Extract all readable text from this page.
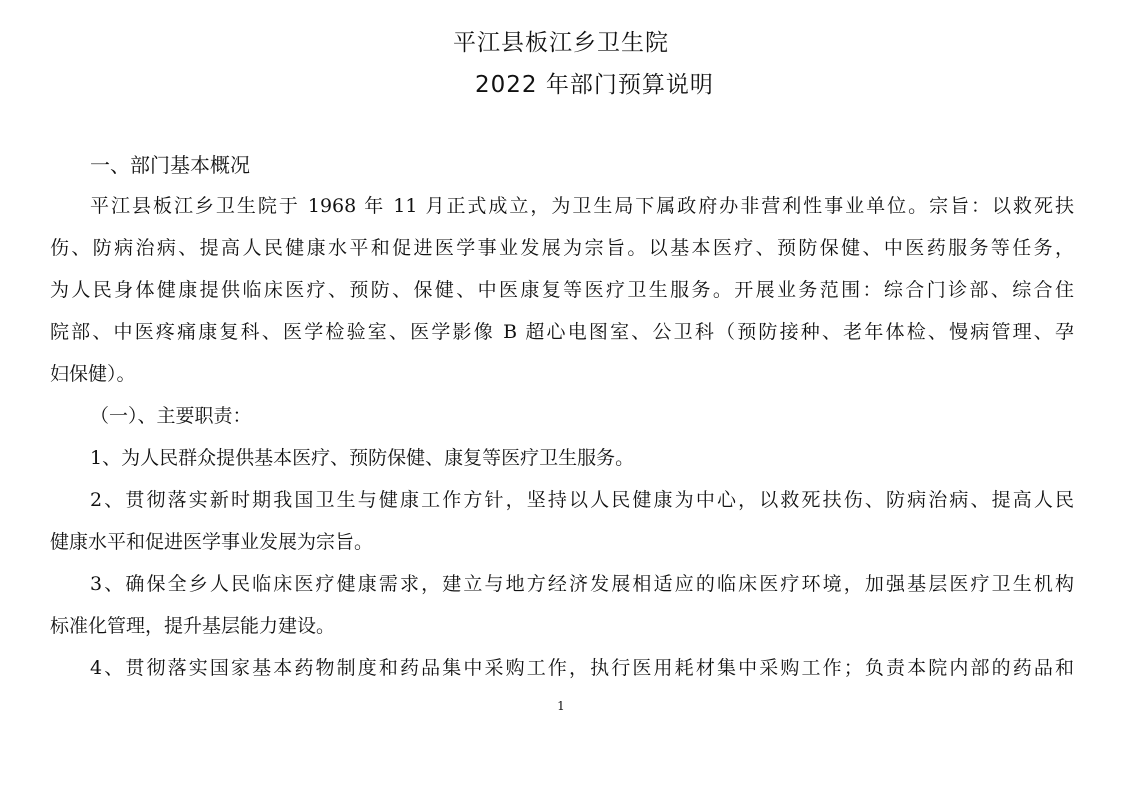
平江县板江乡卫生院
2022 年部门预算说明
一、部门基本概况
平江县板江乡卫生院于 1968 年 11 月正式成立，为卫生局下属政府办非营利性事业单位。宗旨：以救死扶
伤、防病治病、提高人民健康水平和促进医学事业发展为宗旨。以基本医疗、预防保健、中医药服务等任务，
为人民身体健康提供临床医疗、预防、保健、中医康复等医疗卫生服务。开展业务范围：综合门诊部、综合住
院部、中医疼痛康复科、医学检验室、医学影像 B 超心电图室、公卫科（预防接种、老年体检、慢病管理、孕
妇保健）。
（一）、主要职责：
1、为人民群众提供基本医疗、预防保健、康复等医疗卫生服务。
2、贯彻落实新时期我国卫生与健康工作方针，坚持以人民健康为中心，以救死扶伤、防病治病、提高人民
健康水平和促进医学事业发展为宗旨。
3、确保全乡人民临床医疗健康需求，建立与地方经济发展相适应的临床医疗环境，加强基层医疗卫生机构
标准化管理，提升基层能力建设。
4、贯彻落实国家基本药物制度和药品集中采购工作，执行医用耗材集中采购工作；负责本院内部的药品和
1
